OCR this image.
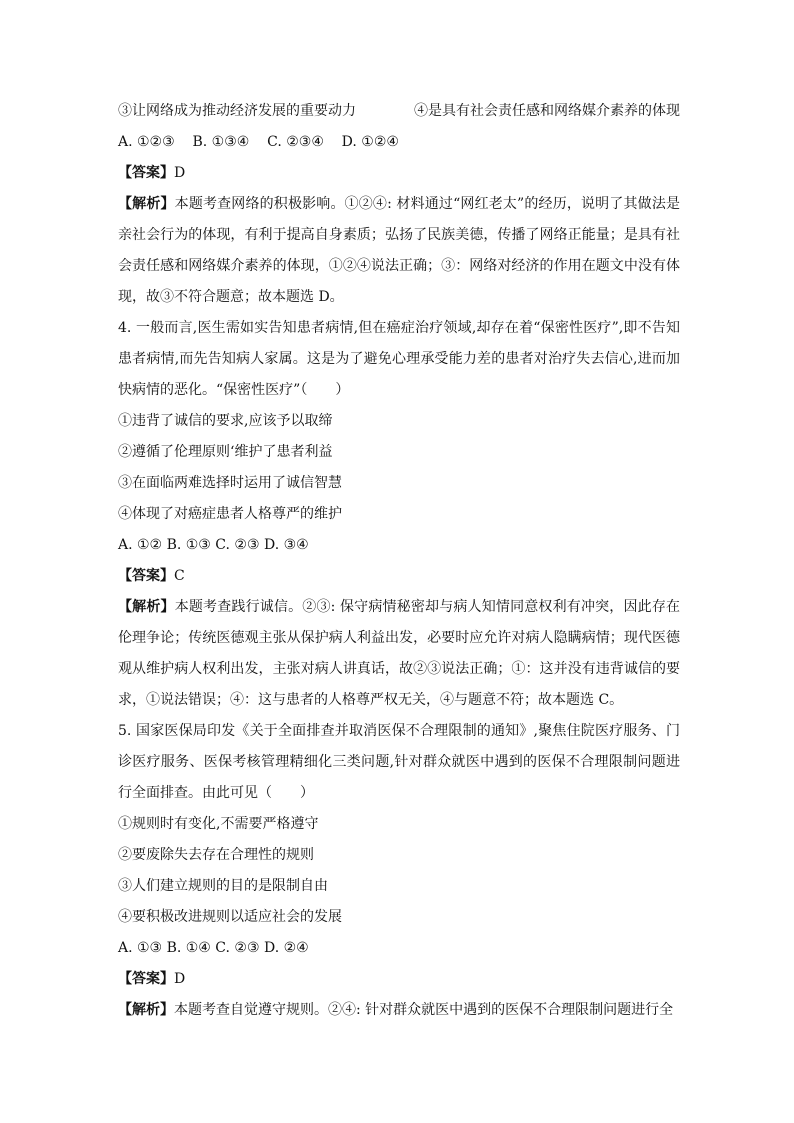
③让网络成为推动经济发展的重要动力	④是具有社会责任感和网络媒介素养的体现
A. ①②③    B. ①③④    C. ②③④    D. ①②④
【答案】D
【解析】本题考查网络的积极影响。①②④: 材料通过“网红老太”的经历，说明了其做法是亲社会行为的体现，有利于提高自身素质；弘扬了民族美德，传播了网络正能量；是具有社会责任感和网络媒介素养的体现，①②④说法正确；③：网络对经济的作用在题文中没有体现，故③不符合题意；故本题选 D。
4. 一般而言,医生需如实告知患者病情,但在癌症治疗领域,却存在着“保密性医疗”,即不告知患者病情,而先告知病人家属。这是为了避免心理承受能力差的患者对治疗失去信心,进而加快病情的恶化。“保密性医疗”（　　）
①违背了诚信的要求,应该予以取缔
②遵循了伦理原则‘维护了患者利益
③在面临两难选择时运用了诚信智慧
④体现了对癌症患者人格尊严的维护
A. ①② B. ①③ C. ②③ D. ③④
【答案】C
【解析】本题考查践行诚信。②③: 保守病情秘密却与病人知情同意权利有冲突，因此存在伦理争论；传统医德观主张从保护病人利益出发，必要时应允许对病人隐瞒病情；现代医德观从维护病人权利出发，主张对病人讲真话，故②③说法正确；①：这并没有违背诚信的要求，①说法错误；④：这与患者的人格尊严权无关，④与题意不符；故本题选 C。
5. 国家医保局印发《关于全面排查并取消医保不合理限制的通知》,聚焦住院医疗服务、门诊医疗服务、医保考核管理精细化三类问题,针对群众就医中遇到的医保不合理限制问题进行全面排查。由此可见（　　）
①规则时有变化,不需要严格遵守
②要废除失去存在合理性的规则
③人们建立规则的目的是限制自由
④要积极改进规则以适应社会的发展
A. ①③ B. ①④ C. ②③ D. ②④
【答案】D
【解析】本题考查自觉遵守规则。②④: 针对群众就医中遇到的医保不合理限制问题进行全
